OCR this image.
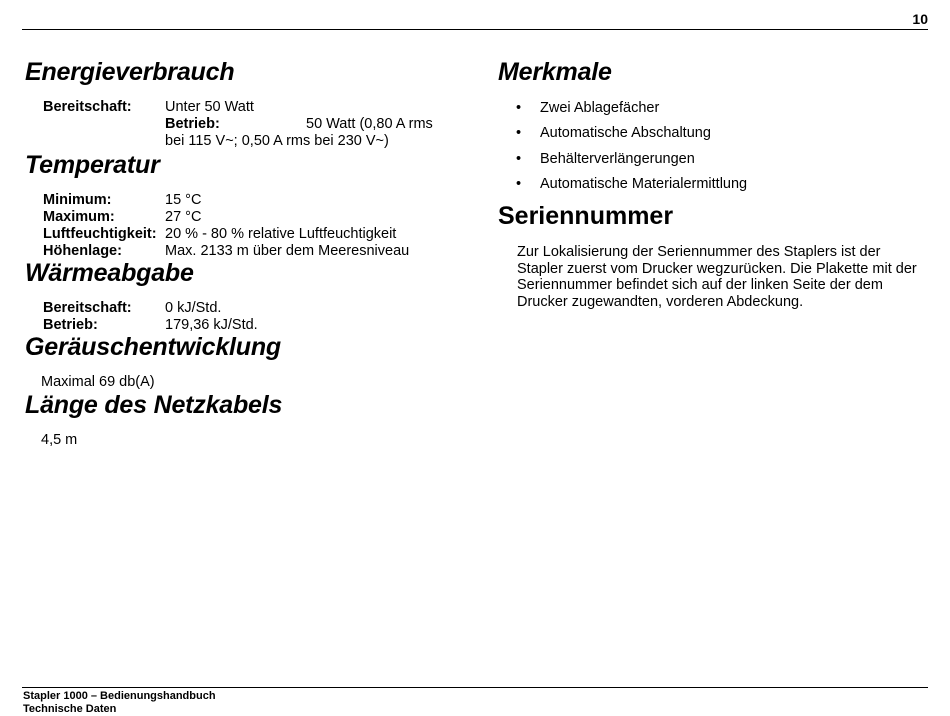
10
Energieverbrauch
Bereitschaft: Unter 50 Watt
Betrieb:	50 Watt (0,80 A rms
bei 115 V~; 0,50 A rms bei 230 V~)
Temperatur
Minimum:	15 °C
Maximum:	27 °C
Luftfeuchtigkeit: 20 % - 80 % relative Luftfeuchtigkeit
Höhenlage:	Max. 2133 m über dem Meeresniveau
Wärmeabgabe
Bereitschaft: 0 kJ/Std.
Betrieb:	179,36 kJ/Std.
Geräuschentwicklung
Maximal 69 db(A)
Länge des Netzkabels
4,5 m
Merkmale
• Zwei Ablagefächer
• Automatische Abschaltung
• Behälterverlängerungen
• Automatische Materialermittlung
Seriennummer
Zur Lokalisierung der Seriennummer des Staplers ist der
Stapler zuerst vom Drucker wegzurücken. Die Plakette mit der
Seriennummer befindet sich auf der linken Seite der dem
Drucker zugewandten, vorderen Abdeckung.
Stapler 1000 – Bedienungshandbuch
Technische Daten
